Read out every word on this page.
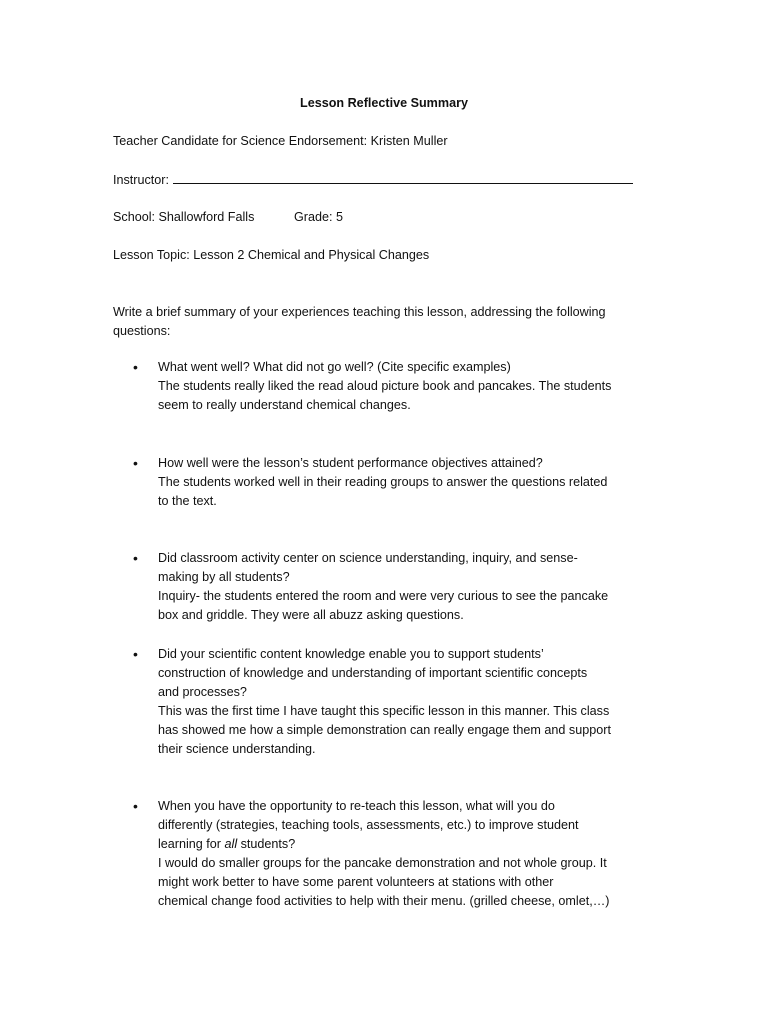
Lesson Reflective Summary
Teacher Candidate for Science Endorsement: Kristen Muller
Instructor:
School: Shallowford Falls	Grade: 5
Lesson Topic: Lesson 2 Chemical and Physical Changes
Write a brief summary of your experiences teaching this lesson, addressing the following
questions:
• What went well? What did not go well? (Cite specific examples)
The students really liked the read aloud picture book and pancakes. The students
seem to really understand chemical changes.
• How well were the lesson’s student performance objectives attained?
The students worked well in their reading groups to answer the questions related
to the text.
• Did classroom activity center on science understanding, inquiry, and sense-
making by all students?
Inquiry- the students entered the room and were very curious to see the pancake
box and griddle. They were all abuzz asking questions.
• Did your scientific content knowledge enable you to support students’
construction of knowledge and understanding of important scientific concepts
and processes?
This was the first time I have taught this specific lesson in this manner. This class
has showed me how a simple demonstration can really engage them and support
their science understanding.
• When you have the opportunity to re-teach this lesson, what will you do
differently (strategies, teaching tools, assessments, etc.) to improve student
learning for all students?
I would do smaller groups for the pancake demonstration and not whole group. It
might work better to have some parent volunteers at stations with other
chemical change food activities to help with their menu. (grilled cheese, omlet,…)
